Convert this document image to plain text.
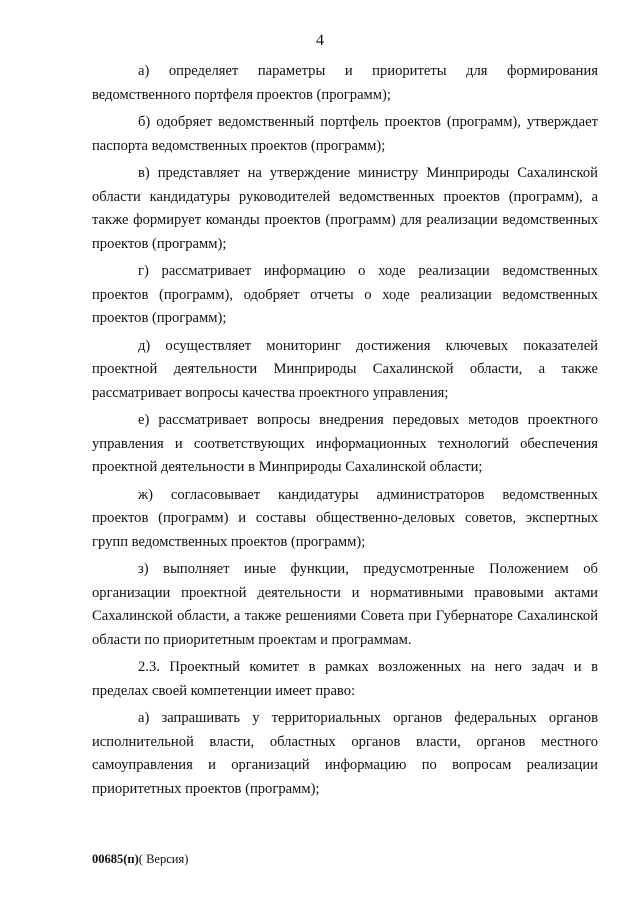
4

а) определяет параметры и приоритеты для формирования ведомственного портфеля проектов (программ);

б) одобряет ведомственный портфель проектов (программ), утверждает паспорта ведомственных проектов (программ);

в) представляет на утверждение министру Минприроды Сахалинской области кандидатуры руководителей ведомственных проектов (программ), а также формирует команды проектов (программ) для реализации ведомственных проектов (программ);

г) рассматривает информацию о ходе реализации ведомственных проектов (программ), одобряет отчеты о ходе реализации ведомственных проектов (программ);

д) осуществляет мониторинг достижения ключевых показателей проектной деятельности Минприроды Сахалинской области, а также рассматривает вопросы качества проектного управления;

е) рассматривает вопросы внедрения передовых методов проектного управления и соответствующих информационных технологий обеспечения проектной деятельности в Минприроды Сахалинской области;

ж) согласовывает кандидатуры администраторов ведомственных проектов (программ) и составы общественно-деловых советов, экспертных групп ведомственных проектов (программ);

з) выполняет иные функции, предусмотренные Положением об организации проектной деятельности и нормативными правовыми актами Сахалинской области, а также решениями Совета при Губернаторе Сахалинской области по приоритетным проектам и программам.

2.3. Проектный комитет в рамках возложенных на него задач и в пределах своей компетенции имеет право:

а) запрашивать у территориальных органов федеральных органов исполнительной власти, областных органов власти, органов местного самоуправления и организаций информацию по вопросам реализации приоритетных проектов (программ);

00685(п)( Версия)
